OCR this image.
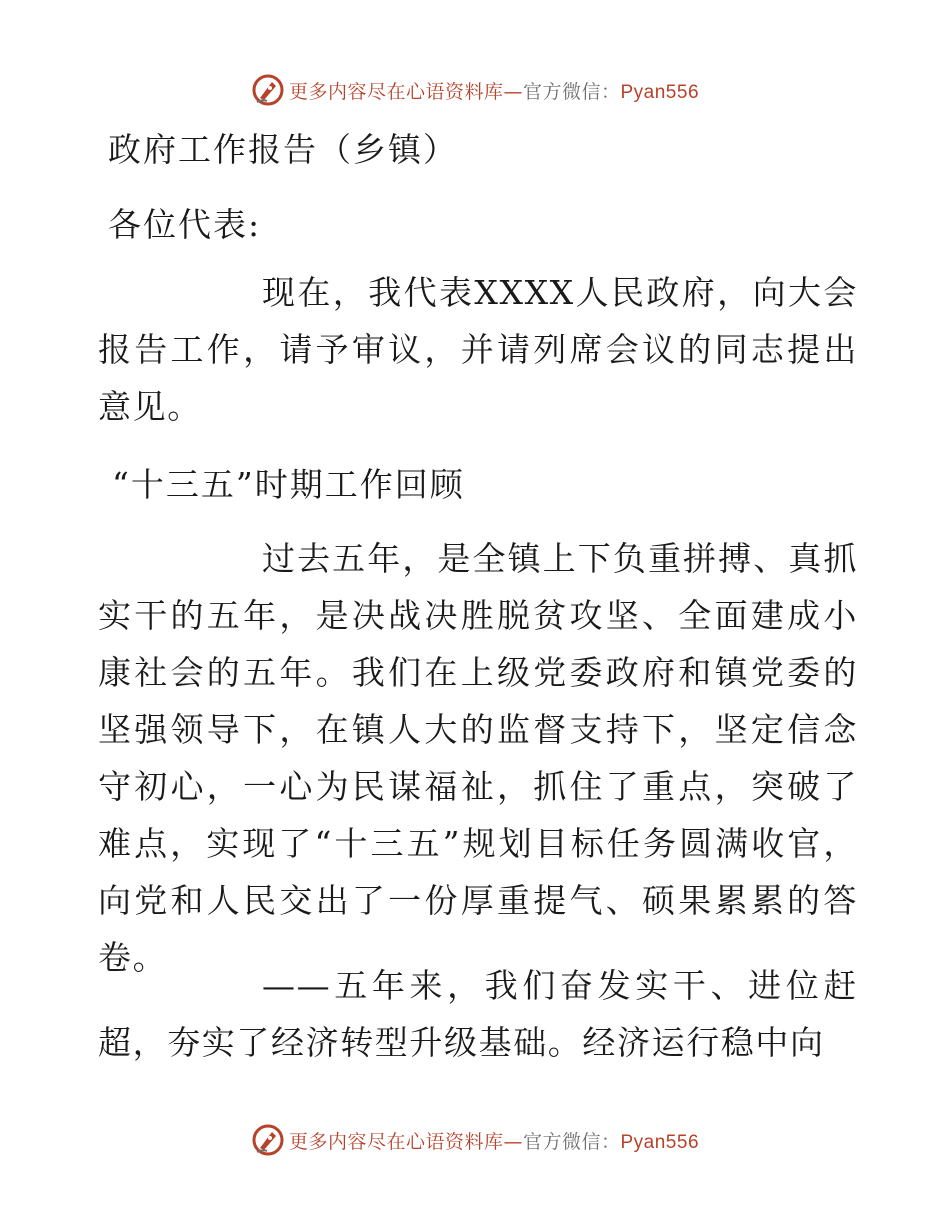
更多内容尽在心语资料库—官方微信：Pyan556
政府工作报告（乡镇）
各位代表:

现在，我代表XXXX人民政府，向大会报告工作，请予审议，并请列席会议的同志提出意见。

“十三五”时期工作回顾

过去五年，是全镇上下负重拼搏、真抓实干的五年，是决战决胜脱贫攻坚、全面建成小康社会的五年。我们在上级党委政府和镇党委的坚强领导下，在镇人大的监督支持下，坚定信念守初心，一心为民谋福祉，抓住了重点，突破了难点，实现了“十三五”规划目标任务圆满收官，向党和人民交出了一份厚重提气、硕果累累的答卷。

——五年来，我们奋发实干、进位赶超，夯实了经济转型升级基础。经济运行稳中向

更多内容尽在心语资料库—官方微信：Pyan556
